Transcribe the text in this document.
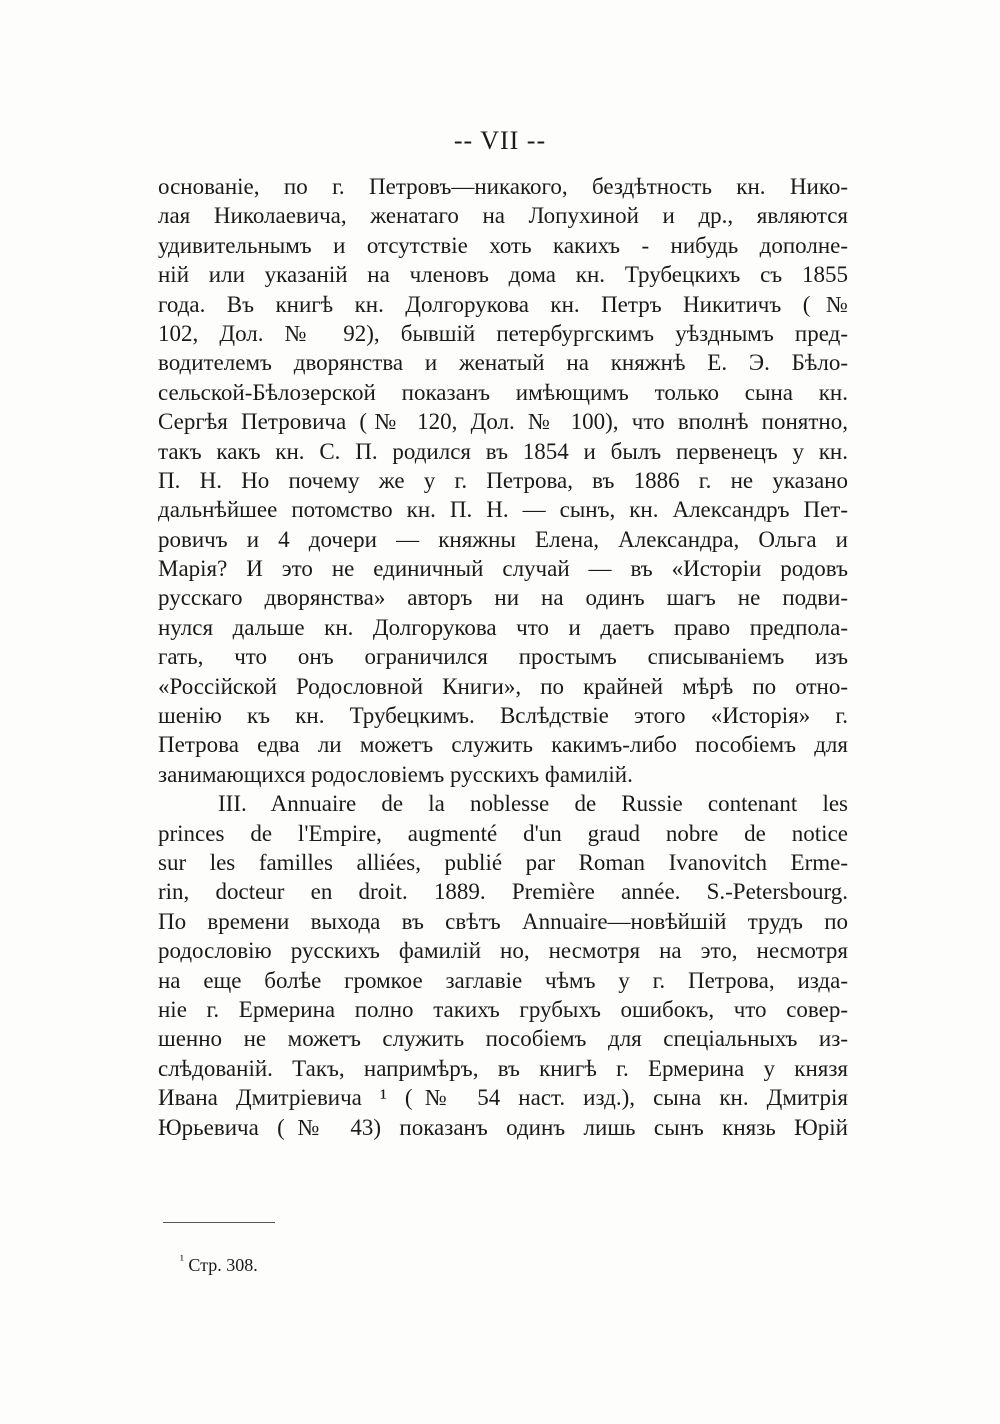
-- VII --
основаніе, по г. Петровъ—никакого, бездѣтность кн. Нико-
лая Николаевича, женатаго на Лопухиной и др., являются
удивительнымъ и отсутствіе хоть какихъ - нибудь дополне-
ній или указаній на членовъ дома кн. Трубецкихъ съ 1855
года. Въ книгѣ кн. Долгорукова кн. Петръ Никитичъ (№
102, Дол. № 92), бывшій петербургскимъ уѣзднымъ пред-
водителемъ дворянства и женатый на княжнѣ Е. Э. Бѣло-
сельской-Бѣлозерской показанъ имѣющимъ только сына кн.
Сергѣя Петровича (№ 120, Дол. № 100), что вполнѣ понятно,
такъ какъ кн. С. П. родился въ 1854 и былъ первенецъ у кн.
П. Н. Но почему же у г. Петрова, въ 1886 г. не указано
дальнѣйшее потомство кн. П. Н. — сынъ, кн. Александръ Пет-
ровичъ и 4 дочери — княжны Елена, Александра, Ольга и
Марія? И это не единичный случай — въ «Исторіи родовъ
русскаго дворянства» авторъ ни на одинъ шагъ не подви-
нулся дальше кн. Долгорукова что и даетъ право предпола-
гать, что онъ ограничился простымъ списываніемъ изъ
«Россійской Родословной Книги», по крайней мѣрѣ по отно-
шенію къ кн. Трубецкимъ. Вслѣдствіе этого «Исторія» г.
Петрова едва ли можетъ служить какимъ-либо пособіемъ для
занимающихся родословіемъ русскихъ фамилій.
III. Annuaire de la noblesse de Russie contenant les
princes de l'Empire, augmenté d'un graud nobre de notice
sur les familles alliées, publié par Roman Ivanovitch Ermе-
rin, docteur en droit. 1889. Première année. S.-Petersbourg.
По времени выхода въ свѣтъ Annuaire—новѣйшій трудъ по
родословію русскихъ фамилій но, несмотря на это, несмотря
на еще болѣе громкое заглавіе чѣмъ у г. Петрова, изда-
ніе г. Ермерина полно такихъ грубыхъ ошибокъ, что совер-
шенно не можетъ служить пособіемъ для спеціальныхъ из-
слѣдованій. Такъ, напримѣръ, въ книгѣ г. Ермерина у князя
Ивана Дмитріевича ¹ (№ 54 наст. изд.), сына кн. Дмитрія
Юрьевича (№ 43) показанъ одинъ лишь сынъ князь Юрій
$^{^1}$ Стр. 308.
